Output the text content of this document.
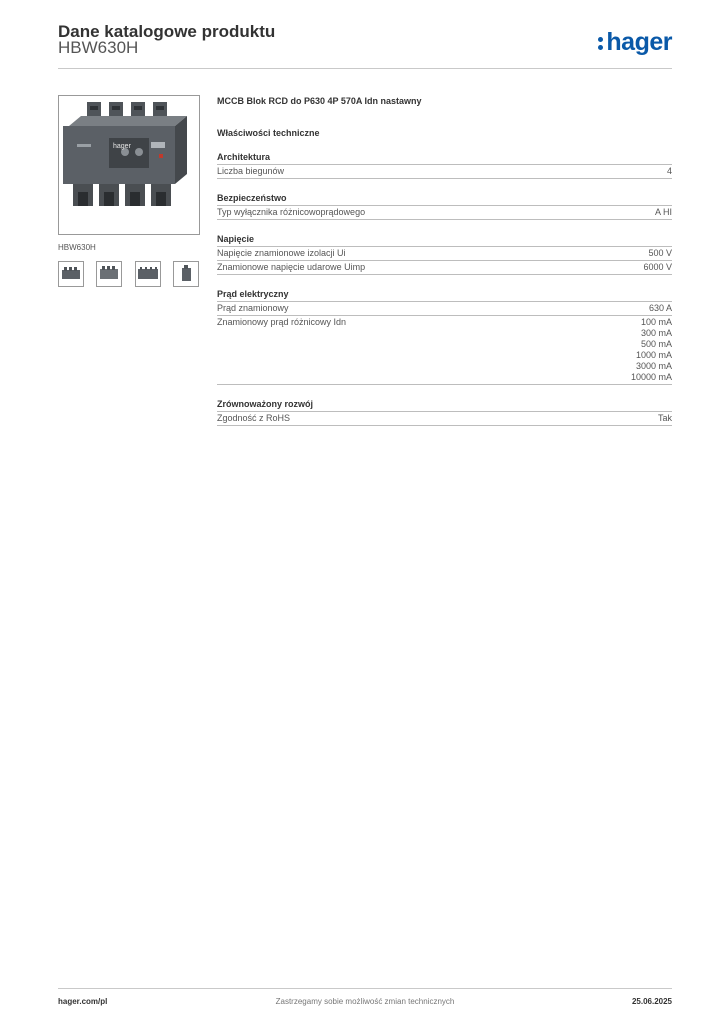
Dane katalogowe produktu
HBW630H	hager
hager
HBW630H
MCCB Blok RCD do P630 4P 570A Idn nastawny
Właściwości techniczne
Architektura
Liczba biegunów	4
Bezpieczeństwo
Typ wyłącznika różnicowoprądowego	A HI
Napięcie
Napięcie znamionowe izolacji Ui	500 V
Znamionowe napięcie udarowe Uimp	6000 V
Prąd elektryczny
Prąd znamionowy	630 A
Znamionowy prąd różnicowy Idn	100 mA
300 mA
500 mA
1000 mA
3000 mA
10000 mA
Zrównoważony rozwój
Zgodność z RoHS	Tak
hager.com/pl	Zastrzegamy sobie możliwość zmian technicznych	25.06.2025
